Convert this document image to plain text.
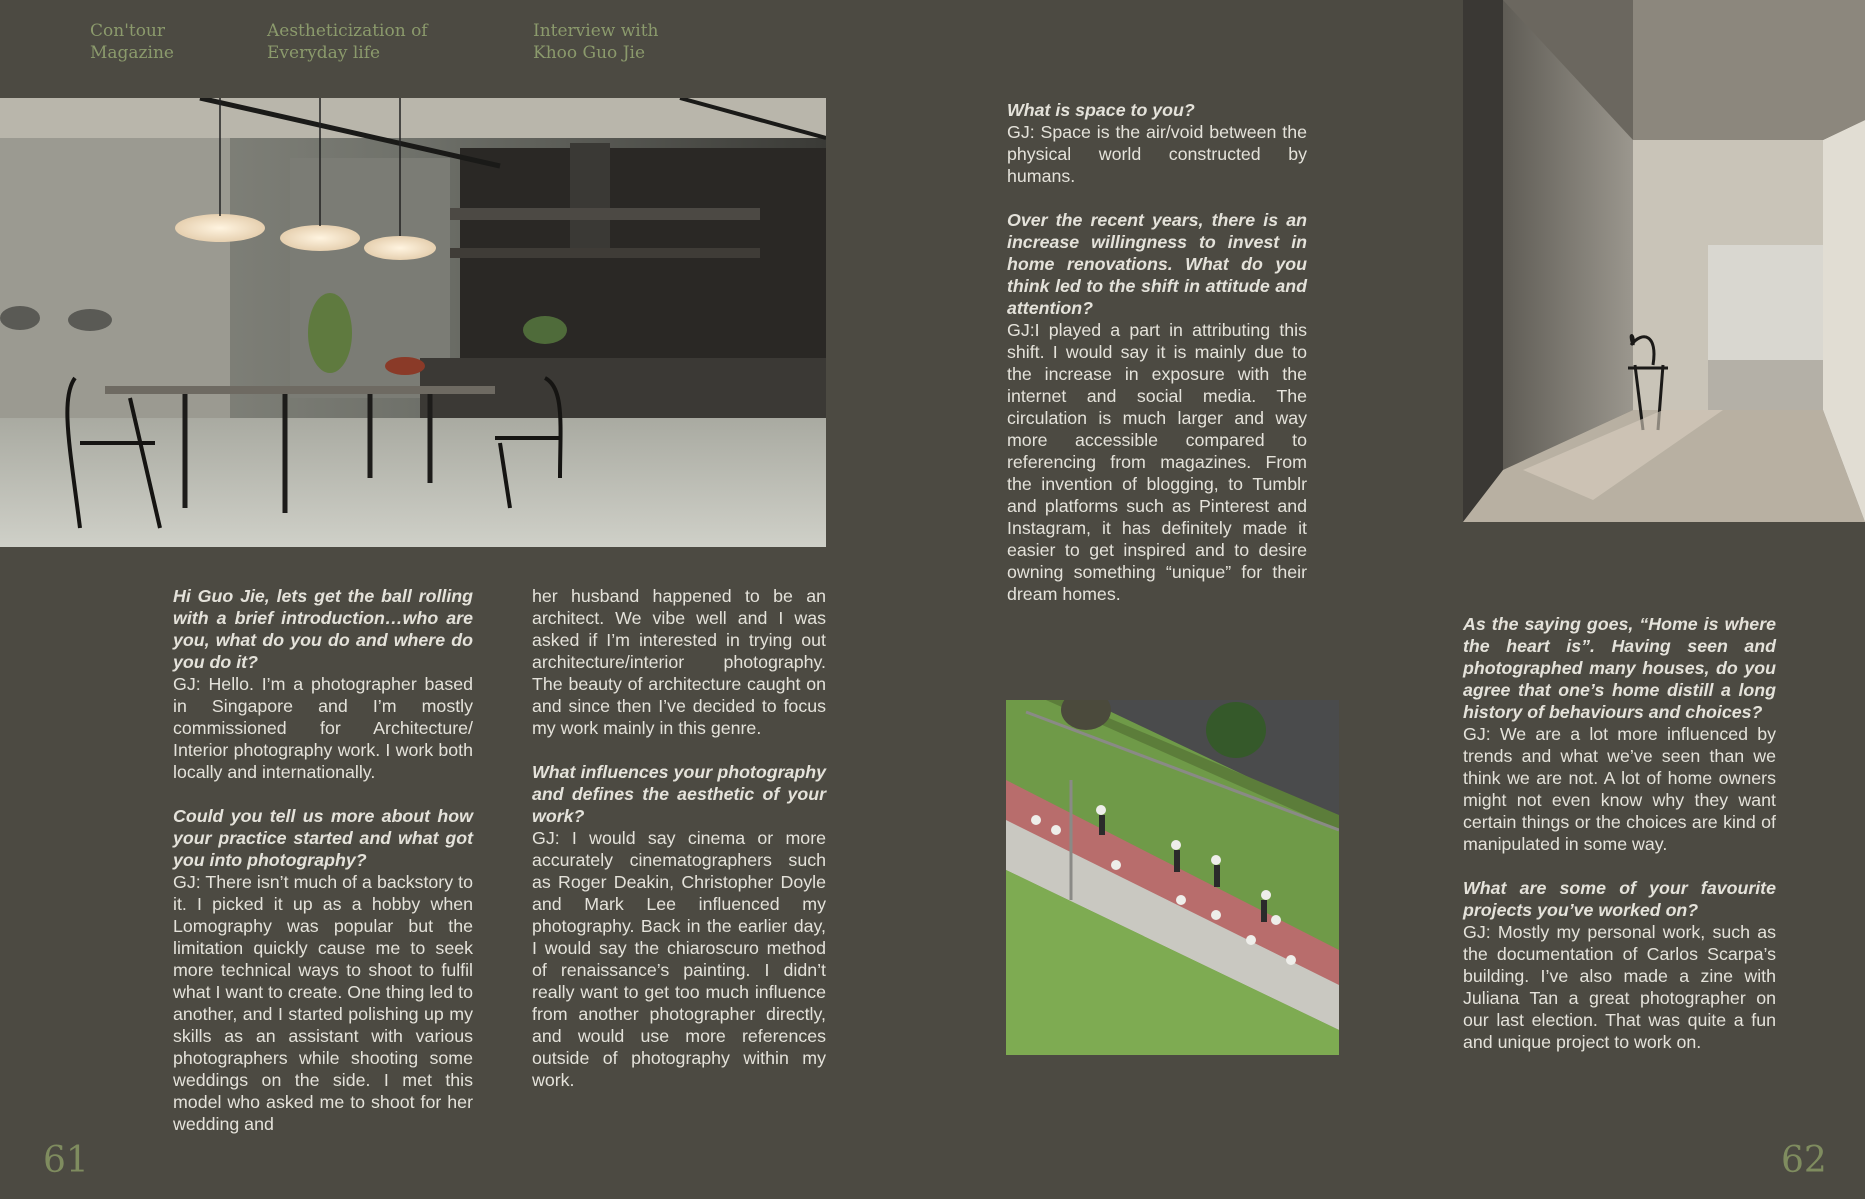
Con'tour
Magazine
Aestheticization of
Everyday life
Interview with
Khoo Guo Jie

Hi Guo Jie, lets get the ball rolling with a brief introduction…who are you, what do you do and where do you do it?
GJ: Hello. I’m a photographer based in Singapore and I’m mostly commissioned for Architecture/ Interior photography work. I work both locally and internationally.

Could you tell us more about how your practice started and what got you into photography?
GJ: There isn’t much of a backstory to it. I picked it up as a hobby when Lomography was popular but the limitation quickly cause me to seek more technical ways to shoot to fulfil what I want to create. One thing led to another, and I started polishing up my skills as an assistant with various photographers while shooting some weddings on the side. I met this model who asked me to shoot for her wedding and

her husband happened to be an architect. We vibe well and I was asked if I’m interested in trying out architecture/interior photography. The beauty of architecture caught on and since then I’ve decided to focus my work mainly in this genre.

What influences your photography and defines the aesthetic of your work?
GJ: I would say cinema or more accurately cinematographers such as Roger Deakin, Christopher Doyle and Mark Lee influenced my photography. Back in the earlier day, I would say the chiaroscuro method of renaissance’s painting. I didn’t really want to get too much influence from another photographer directly, and would use more references outside of photography within my work.

What is space to you?
GJ: Space is the air/void between the physical world constructed by humans.

Over the recent years, there is an increase willingness to invest in home renovations. What do you think led to the shift in attitude and attention?
GJ:I played a part in attributing this shift. I would say it is mainly due to the increase in exposure with the internet and social media. The circulation is much larger and way more accessible compared to referencing from magazines. From the invention of blogging, to Tumblr and platforms such as Pinterest and Instagram, it has definitely made it easier to get inspired and to desire owning something “unique” for their dream homes.

As the saying goes, “Home is where the heart is”. Having seen and photographed many houses, do you agree that one’s home distill a long history of behaviours and choices?
GJ: We are a lot more influenced by trends and what we’ve seen than we think we are not. A lot of home owners might not even know why they want certain things or the choices are kind of manipulated in some way.

What are some of your favourite projects you’ve worked on?
GJ: Mostly my personal work, such as the documentation of Carlos Scarpa’s building. I’ve also made a zine with Juliana Tan a great photographer on our last election. That was quite a fun and unique project to work on.

61	62
